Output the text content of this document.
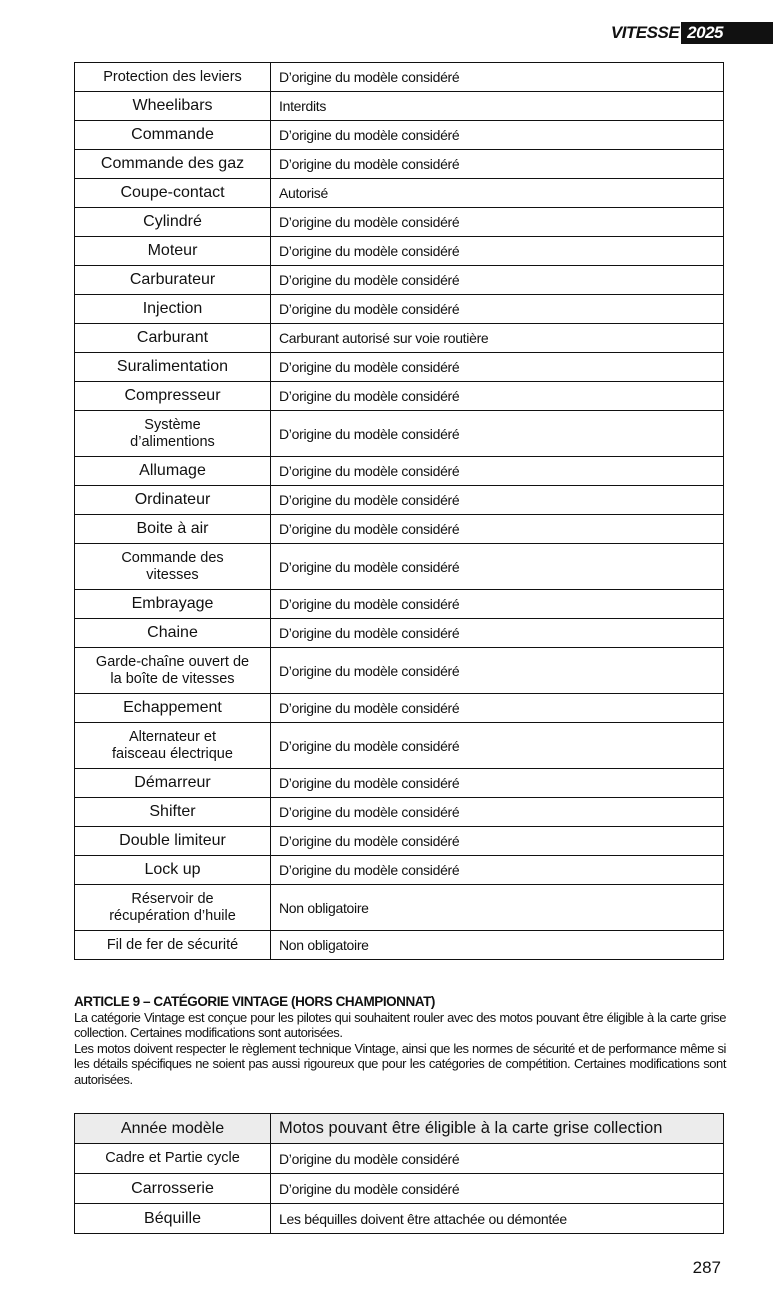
VITESSE 2025
Protection des leviers	D’origine du modèle considéré
Wheelibars	Interdits
Commande	D’origine du modèle considéré
Commande des gaz	D’origine du modèle considéré
Coupe-contact	Autorisé
Cylindré	D’origine du modèle considéré
Moteur	D’origine du modèle considéré
Carburateur	D’origine du modèle considéré
Injection	D’origine du modèle considéré
Carburant	Carburant autorisé sur voie routière
Suralimentation	D’origine du modèle considéré
Compresseur	D’origine du modèle considéré
Système
d’alimentions	D’origine du modèle considéré
Allumage	D’origine du modèle considéré
Ordinateur	D’origine du modèle considéré
Boite à air	D’origine du modèle considéré
Commande des
vitesses	D’origine du modèle considéré
Embrayage	D’origine du modèle considéré
Chaine	D’origine du modèle considéré
Garde-chaîne ouvert de
la boîte de vitesses	D’origine du modèle considéré
Echappement	D’origine du modèle considéré
Alternateur et
faisceau électrique	D’origine du modèle considéré
Démarreur	D’origine du modèle considéré
Shifter	D’origine du modèle considéré
Double limiteur	D’origine du modèle considéré
Lock up	D’origine du modèle considéré
Réservoir de
récupération d’huile	Non obligatoire
Fil de fer de sécurité	Non obligatoire
ARTICLE 9 – CATÉGORIE VINTAGE (HORS CHAMPIONNAT)

La catégorie Vintage est conçue pour les pilotes qui souhaitent rouler avec des motos pouvant être éligible à la carte grise collection. Certaines modifications sont autorisées.

Les motos doivent respecter le règlement technique Vintage, ainsi que les normes de sécurité et de performance même si les détails spécifiques ne soient pas aussi rigoureux que pour les catégories de compétition. Certaines modifications sont autorisées.

Année modèle	Motos pouvant être éligible à la carte grise collection
Cadre et Partie cycle	D’origine du modèle considéré
Carrosserie	D’origine du modèle considéré
Béquille	Les béquilles doivent être attachée ou démontée
287
